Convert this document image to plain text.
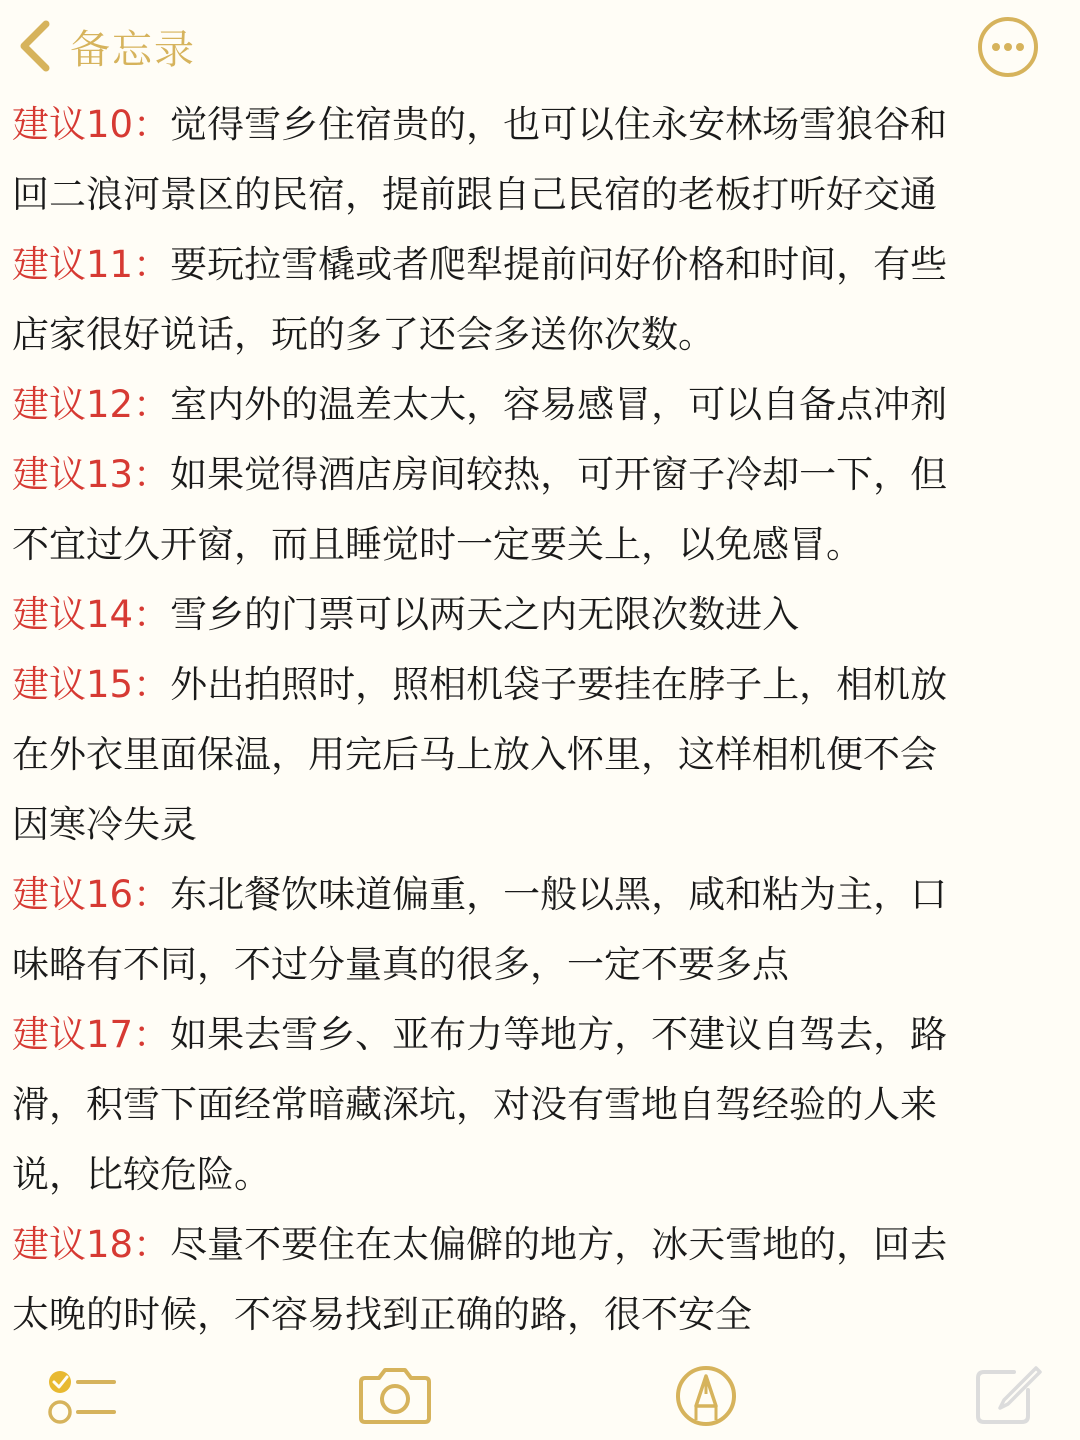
备忘录
建议10：觉得雪乡住宿贵的，也可以住永安林场雪狼谷和
回二浪河景区的民宿，提前跟自己民宿的老板打听好交通
建议11：要玩拉雪橇或者爬犁提前问好价格和时间，有些
店家很好说话，玩的多了还会多送你次数。
建议12：室内外的温差太大，容易感冒，可以自备点冲剂
建议13：如果觉得酒店房间较热，可开窗子冷却一下，但
不宜过久开窗，而且睡觉时一定要关上，以免感冒。
建议14：雪乡的门票可以两天之内无限次数进入
建议15：外出拍照时，照相机袋子要挂在脖子上，相机放
在外衣里面保温，用完后马上放入怀里，这样相机便不会
因寒冷失灵
建议16：东北餐饮味道偏重，一般以黑，咸和粘为主，口
味略有不同，不过分量真的很多，一定不要多点
建议17：如果去雪乡、亚布力等地方，不建议自驾去，路
滑，积雪下面经常暗藏深坑，对没有雪地自驾经验的人来
说，比较危险。
建议18：尽量不要住在太偏僻的地方，冰天雪地的，回去
太晚的时候，不容易找到正确的路，很不安全
